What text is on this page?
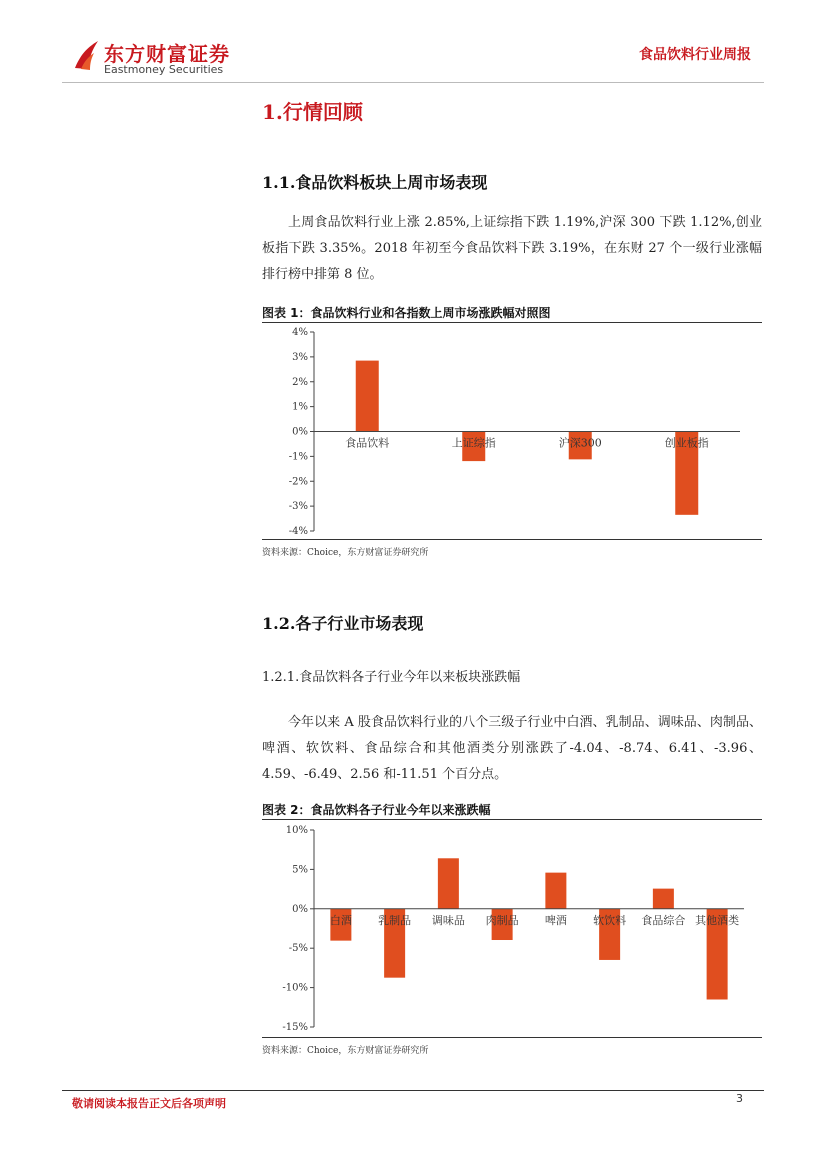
东方财富证券
Eastmoney Securities
食品饮料行业周报
1.行情回顾
1.1.食品饮料板块上周市场表现
上周食品饮料行业上涨 2.85%,上证综指下跌 1.19%,沪深 300 下跌 1.12%,创业板指下跌 3.35%。2018 年初至今食品饮料下跌 3.19%，在东财 27 个一级行业涨幅排行榜中排第 8 位。
图表 1：食品饮料行业和各指数上周市场涨跌幅对照图
4%
3%
2%
1%
0%
-1%
-2%
-3%
-4%
食品饮料	上证综指	沪深300	创业板指
资料来源：Choice，东方财富证券研究所
1.2.各子行业市场表现
1.2.1.食品饮料各子行业今年以来板块涨跌幅
今年以来 A 股食品饮料行业的八个三级子行业中白酒、乳制品、调味品、肉制品、啤酒、软饮料、食品综合和其他酒类分别涨跌了-4.04、-8.74、6.41、-3.96、4.59、-6.49、2.56 和-11.51 个百分点。
图表 2：食品饮料各子行业今年以来涨跌幅
10%
5%
0%
-5%
-10%
-15%
白酒 乳制品 调味品 肉制品 啤酒 软饮料 食品综合 其他酒类
资料来源：Choice，东方财富证券研究所
敬请阅读本报告正文后各项声明	3
